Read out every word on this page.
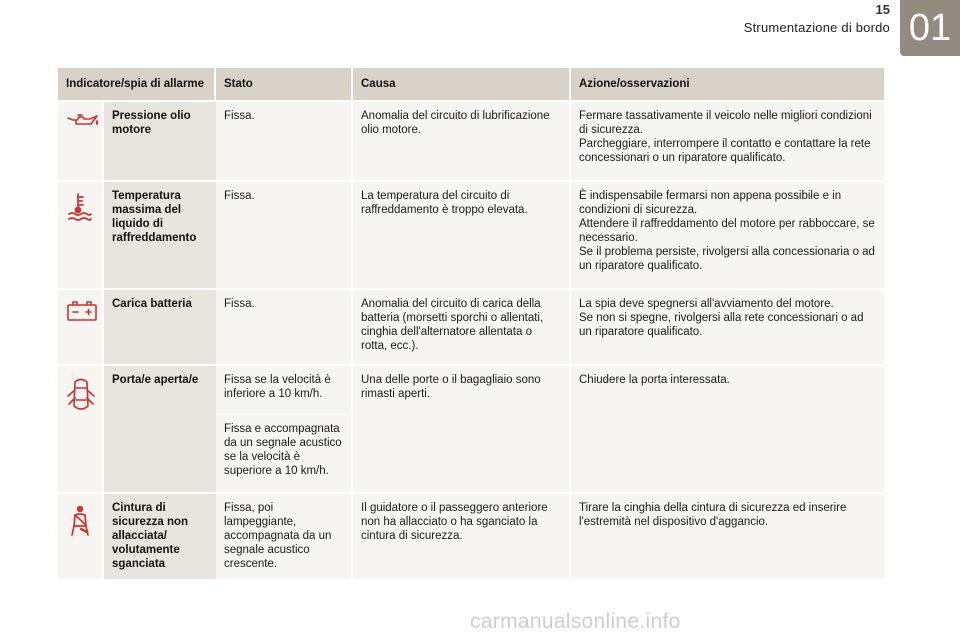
15
Strumentazione di bordo 01
Indicatore/spia di allarme		Stato	Causa	Azione/osservazioni

	Pressione olio motore	Fissa.	Anomalia del circuito di lubrificazione olio motore.	Fermare tassativamente il veicolo nelle migliori condizioni di sicurezza.
Parcheggiare, interrompere il contatto e contattare la rete concessionari o un riparatore qualificato.

	Temperatura massima del liquido di raffreddamento	Fissa.	La temperatura del circuito di raffreddamento è troppo elevata.	È indispensabile fermarsi non appena possibile e in condizioni di sicurezza.
Attendere il raffreddamento del motore per rabboccare, se necessario.
Se il problema persiste, rivolgersi alla concessionaria o ad un riparatore qualificato.

	Carica batteria	Fissa.	Anomalia del circuito di carica della batteria (morsetti sporchi o allentati, cinghia dell'alternatore allentata o rotta, ecc.).	La spia deve spegnersi all'avviamento del motore.
Se non si spegne, rivolgersi alla rete concessionari o ad un riparatore qualificato.

	Porta/e aperta/e	Fissa se la velocità è inferiore a 10 km/h.	Una delle porte o il bagagliaio sono rimasti aperti.	Chiudere la porta interessata.
		Fissa e accompagnata da un segnale acustico se la velocità è superiore a 10 km/h.		

	Cintura di sicurezza non allacciata/ volutamente sganciata	Fissa, poi lampeggiante, accompagnata da un segnale acustico crescente.	Il guidatore o il passeggero anteriore non ha allacciato o ha sganciato la cintura di sicurezza.	Tirare la cinghia della cintura di sicurezza ed inserire l'estremità nel dispositivo d'aggancio.
carmanualsonline.info
